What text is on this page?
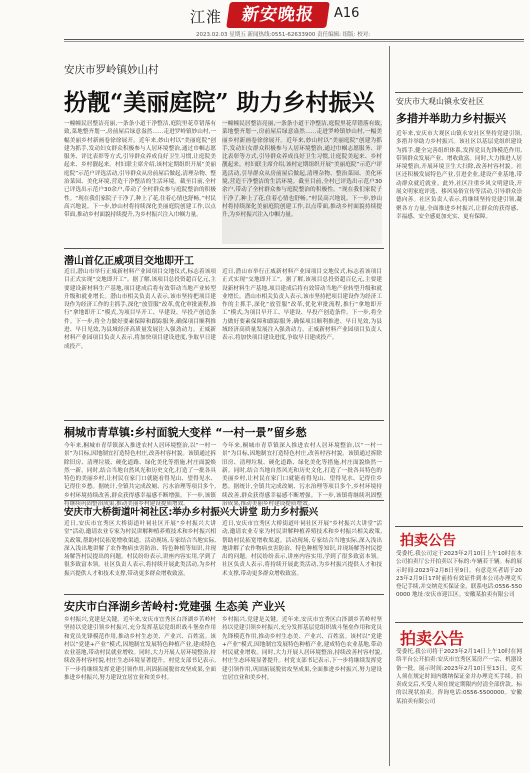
江淮	新安晚报	A16
2023.02.03 星期五 新闻热线:0551-62633900 责任编辑: 组版: 校对:
安庆市罗岭镇妙山村
扮靓“美丽庭院” 助力乡村振兴
一幢幢民居整洁亮丽,一条条小道干净整洁,庭院里花草错落有致,菜地整齐划一,房前屋后绿意盎然……走进罗岭镇妙山村,一幅美丽乡村新画卷徐徐展开。近年来,妙山村以“美丽庭院”创建为抓手,发动妇女群众积极参与人居环境整治,通过巾帼志愿服务、评比表彰等方式,引导群众养成良好卫生习惯,让庭院美起来、乡村靓起来。村妇联主席介绍,该村定期组织开展“美丽庭院”示范户评选活动,引导群众从房前屋后做起,清理杂物、整治菜园、美化环境,营造干净整洁的生活环境。截至目前,全村已评选出示范户30余户,带动了全村群众参与庭院整治的积极性。“现在我们家院子干净了,种上了花,住着心情也舒畅。”村民高兴地说。下一步,妙山村将持续深化美丽庭院创建工作,以点带面,推动乡村面貌持续提升,为乡村振兴注入巾帼力量。
一幢幢民居整洁亮丽,一条条小道干净整洁,庭院里花草错落有致,菜地整齐划一,房前屋后绿意盎然……走进罗岭镇妙山村,一幅美丽乡村新画卷徐徐展开。近年来,妙山村以“美丽庭院”创建为抓手,发动妇女群众积极参与人居环境整治,通过巾帼志愿服务、评比表彰等方式,引导群众养成良好卫生习惯,让庭院美起来、乡村靓起来。村妇联主席介绍,该村定期组织开展“美丽庭院”示范户评选活动,引导群众从房前屋后做起,清理杂物、整治菜园、美化环境,营造干净整洁的生活环境。截至目前,全村已评选出示范户30余户,带动了全村群众参与庭院整治的积极性。“现在我们家院子干净了,种上了花,住着心情也舒畅。”村民高兴地说。下一步,妙山村将持续深化美丽庭院创建工作,以点带面,推动乡村面貌持续提升,为乡村振兴注入巾帼力量。
潜山首亿正威项目交地即开工
近日,潜山市举行正威新材料产业园项目交地仪式,标志着该项目正式实现“交地即开工”。据了解,该项目总投资超百亿元,主要建设新材料生产基地,项目建成后将有效带动当地产业转型升级和就业增长。潜山市相关负责人表示,该市坚持把项目建设作为经济工作的主抓手,深化“放管服”改革,优化审批流程,推行“拿地即开工”模式,为项目早开工、早建设、早投产创造条件。下一步,将全力做好要素保障和跟踪服务,确保项目顺利推进、早日见效,为县域经济高质量发展注入强劲动力。正威新材料产业园项目负责人表示,将加快项目建设进度,争取早日建成投产。
近日,潜山市举行正威新材料产业园项目交地仪式,标志着该项目正式实现“交地即开工”。据了解,该项目总投资超百亿元,主要建设新材料生产基地,项目建成后将有效带动当地产业转型升级和就业增长。潜山市相关负责人表示,该市坚持把项目建设作为经济工作的主抓手,深化“放管服”改革,优化审批流程,推行“拿地即开工”模式,为项目早开工、早建设、早投产创造条件。下一步,将全力做好要素保障和跟踪服务,确保项目顺利推进、早日见效,为县域经济高质量发展注入强劲动力。正威新材料产业园项目负责人表示,将加快项目建设进度,争取早日建成投产。
桐城市青草镇:乡村面貌大变样 “一村一景”留乡愁
今年来,桐城市青草镇深入推进农村人居环境整治,以“一村一景”为目标,因地制宜打造特色村庄,改善村容村貌。该镇通过拆除旧房、清理垃圾、硬化道路、绿化美化等措施,村庄面貌焕然一新。同时,结合当地自然风光和历史文化,打造了一批各具特色的美丽乡村,让村民在家门口就能看得见山、望得见水、记得住乡愁。据统计,全镇共完成改厕、污水治理等项目多个,乡村环境持续改善,群众获得感幸福感不断增强。下一步,该镇将继续巩固整治成果,推动美丽乡村建设提质增效。
今年来,桐城市青草镇深入推进农村人居环境整治,以“一村一景”为目标,因地制宜打造特色村庄,改善村容村貌。该镇通过拆除旧房、清理垃圾、硬化道路、绿化美化等措施,村庄面貌焕然一新。同时,结合当地自然风光和历史文化,打造了一批各具特色的美丽乡村,让村民在家门口就能看得见山、望得见水、记得住乡愁。据统计,全镇共完成改厕、污水治理等项目多个,乡村环境持续改善,群众获得感幸福感不断增强。下一步,该镇将继续巩固整治成果,推动美丽乡村建设提质增效。
安庆市大桥街道叶祠社区:举办乡村振兴大讲堂 助力乡村振兴
近日,安庆市宜秀区大桥街道叶祠社区开展“乡村振兴大讲堂”活动,邀请农业专家为村民讲解种植养殖技术和乡村振兴相关政策,帮助村民拓宽增收渠道。活动现场,专家结合当地实际,深入浅出地讲解了农作物病虫害防治、特色种植等知识,并现场解答村民提出的问题。村民纷纷表示,讲座内容实用,学到了很多致富本领。社区负责人表示,将持续开展此类活动,为乡村振兴提供人才和技术支撑,带动更多群众增收致富。
近日,安庆市宜秀区大桥街道叶祠社区开展“乡村振兴大讲堂”活动,邀请农业专家为村民讲解种植养殖技术和乡村振兴相关政策,帮助村民拓宽增收渠道。活动现场,专家结合当地实际,深入浅出地讲解了农作物病虫害防治、特色种植等知识,并现场解答村民提出的问题。村民纷纷表示,讲座内容实用,学到了很多致富本领。社区负责人表示,将持续开展此类活动,为乡村振兴提供人才和技术支撑,带动更多群众增收致富。
安庆市白泽湖乡苦岭村:党建强 生态美 产业兴
乡村振兴,党建是关键。近年来,安庆市宜秀区白泽湖乡苦岭村坚持以党建引领乡村振兴,充分发挥基层党组织战斗堡垒作用和党员先锋模范作用,推动乡村生态美、产业兴、百姓富。该村以“党建+产业”模式,因地制宜发展特色种植产业,建成特色农业基地,带动村民就业增收。同时,大力开展人居环境整治,持续改善村容村貌,村庄生态环境显著提升。村党支部书记表示,下一步将继续发挥党建引领作用,巩固拓展脱贫攻坚成果,全面推进乡村振兴,努力建设宜居宜业和美乡村。
乡村振兴,党建是关键。近年来,安庆市宜秀区白泽湖乡苦岭村坚持以党建引领乡村振兴,充分发挥基层党组织战斗堡垒作用和党员先锋模范作用,推动乡村生态美、产业兴、百姓富。该村以“党建+产业”模式,因地制宜发展特色种植产业,建成特色农业基地,带动村民就业增收。同时,大力开展人居环境整治,持续改善村容村貌,村庄生态环境显著提升。村党支部书记表示,下一步将继续发挥党建引领作用,巩固拓展脱贫攻坚成果,全面推进乡村振兴,努力建设宜居宜业和美乡村。
安庆市大观山镇永安社区
多措并举助力乡村振兴
近年来,安庆市大观区山镇永安社区坚持党建引领,多措并举助力乡村振兴。该社区以基层党组织建设为抓手,健全完善组织体系,发挥党员先锋模范作用,带领群众发展产业、增收致富。同时,大力推进人居环境整治,开展环境卫生大扫除,改善村容村貌。社区还积极发展特色产业,引进企业,建设产业基地,带动群众就近就业。此外,社区注重乡风文明建设,开展文明家庭评选、移风易俗宣传等活动,引导群众崇德向善。社区负责人表示,将继续坚持党建引领,凝聚各方力量,全面推进乡村振兴,让群众的获得感、幸福感、安全感更加充实、更有保障。
拍卖公告
受委托,我公司定于2023年2月10日上午10时在本公司拍卖厅公开拍卖以下标的:车辆若干辆。标的展示时间:2023年2月8日至9日。有意竞买者请于2023年2月9日17时前持有效证件到本公司办理竞买登记手续,并交纳竞买保证金。联系电话:0556-5500000 地址:安庆市迎江区。安徽某拍卖有限公司
拍卖公告
受委托,我公司将于2023年2月14日上午10时在网络平台公开拍卖:安庆市宜秀区某房产一宗、机器设备一批。展示时间:2023年2月10日至13日。竞买人须在规定时间内缴纳保证金并办理竞买手续。拍卖成交后,买受人须在规定期限内付清全部价款。标的以现状拍卖。咨询电话:0556-5500000。安徽某拍卖有限公司
